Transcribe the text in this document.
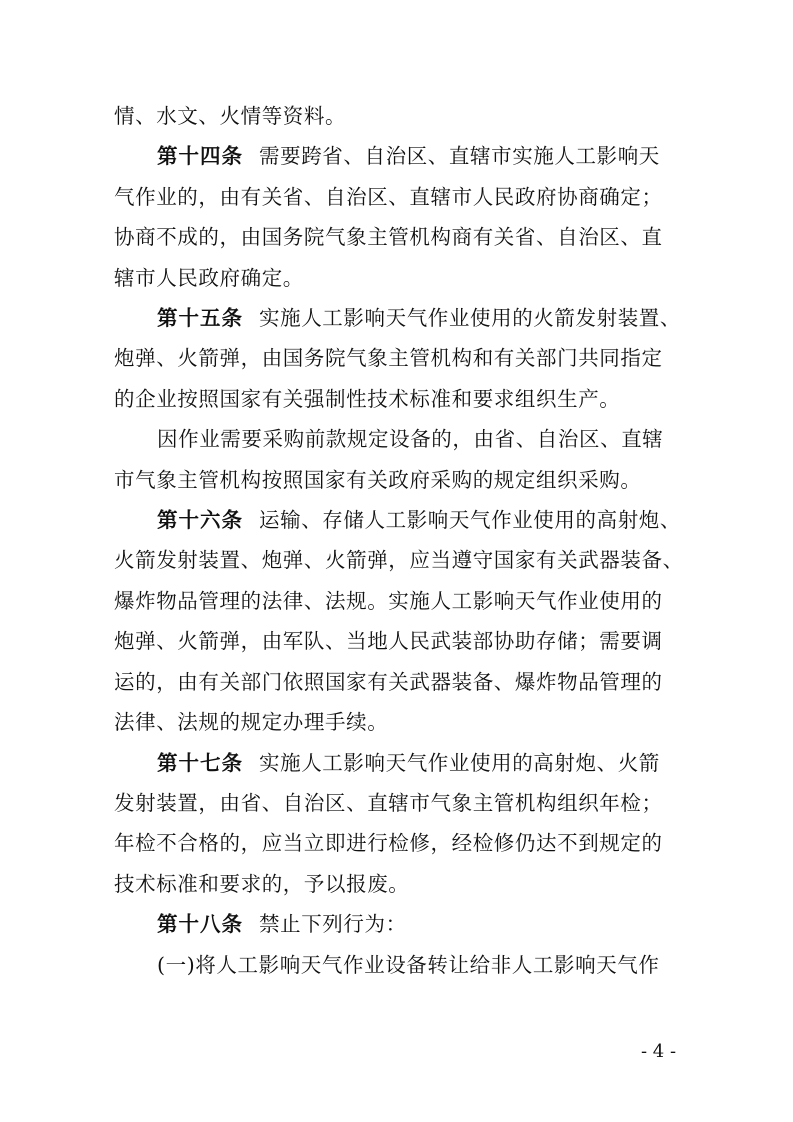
情、水文、火情等资料。
第十四条 需要跨省、自治区、直辖市实施人工影响天
气作业的，由有关省、自治区、直辖市人民政府协商确定；
协商不成的，由国务院气象主管机构商有关省、自治区、直
辖市人民政府确定。
第十五条 实施人工影响天气作业使用的火箭发射装置、
炮弹、火箭弹，由国务院气象主管机构和有关部门共同指定
的企业按照国家有关强制性技术标准和要求组织生产。
因作业需要采购前款规定设备的，由省、自治区、直辖
市气象主管机构按照国家有关政府采购的规定组织采购。
第十六条 运输、存储人工影响天气作业使用的高射炮、
火箭发射装置、炮弹、火箭弹，应当遵守国家有关武器装备、
爆炸物品管理的法律、法规。实施人工影响天气作业使用的
炮弹、火箭弹，由军队、当地人民武装部协助存储；需要调
运的，由有关部门依照国家有关武器装备、爆炸物品管理的
法律、法规的规定办理手续。
第十七条 实施人工影响天气作业使用的高射炮、火箭
发射装置，由省、自治区、直辖市气象主管机构组织年检；
年检不合格的，应当立即进行检修，经检修仍达不到规定的
技术标准和要求的，予以报废。
第十八条 禁止下列行为：
(一)将人工影响天气作业设备转让给非人工影响天气作
- 4 -
